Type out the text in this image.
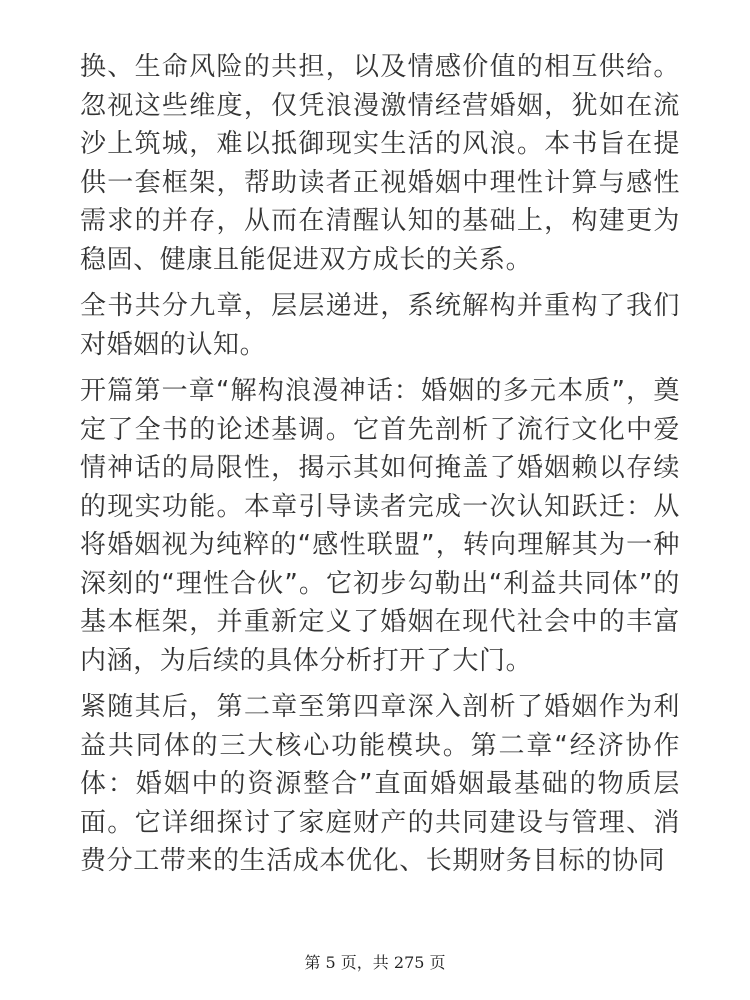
换、生命风险的共担，以及情感价值的相互供给。忽视这些维度，仅凭浪漫激情经营婚姻，犹如在流沙上筑城，难以抵御现实生活的风浪。本书旨在提供一套框架，帮助读者正视婚姻中理性计算与感性需求的并存，从而在清醒认知的基础上，构建更为稳固、健康且能促进双方成长的关系。

全书共分九章，层层递进，系统解构并重构了我们对婚姻的认知。

开篇第一章“解构浪漫神话：婚姻的多元本质”，奠定了全书的论述基调。它首先剖析了流行文化中爱情神话的局限性，揭示其如何掩盖了婚姻赖以存续的现实功能。本章引导读者完成一次认知跃迁：从将婚姻视为纯粹的“感性联盟”，转向理解其为一种深刻的“理性合伙”。它初步勾勒出“利益共同体”的基本框架，并重新定义了婚姻在现代社会中的丰富内涵，为后续的具体分析打开了大门。

紧随其后，第二章至第四章深入剖析了婚姻作为利益共同体的三大核心功能模块。第二章“经济协作体：婚姻中的资源整合”直面婚姻最基础的物质层面。它详细探讨了家庭财产的共同建设与管理、消费分工带来的生活成本优化、长期财务目标的协同

第 5 页，共 275 页
